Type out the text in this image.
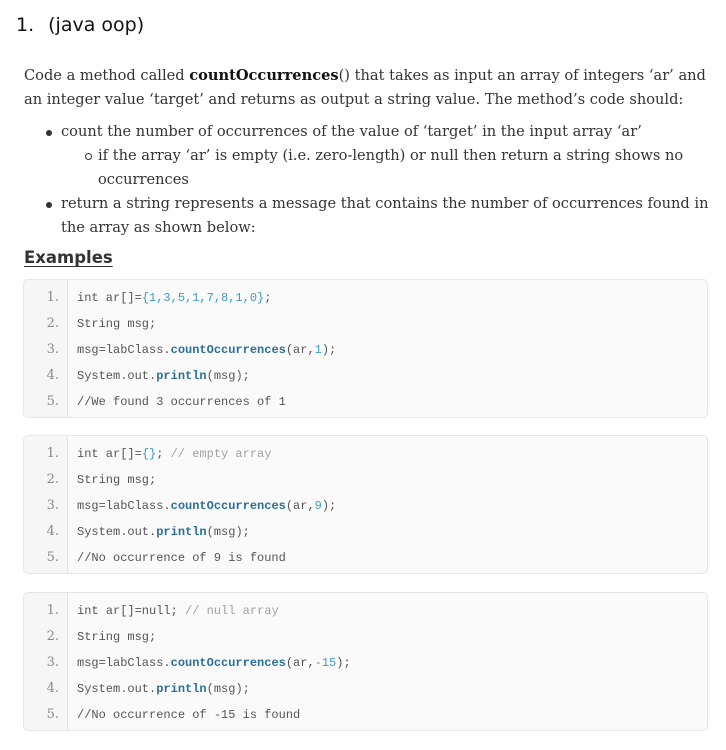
1. (java oop)
Code a method called countOccurrences() that takes as input an array of integers ‘ar’ and an integer value ‘target’ and returns as output a string value. The method’s code should:
count the number of occurrences of the value of ‘target’ in the input array ‘ar’
if the array ‘ar’ is empty (i.e. zero-length) or null then return a string shows no occurrences
return a string represents a message that contains the number of occurrences found in the array as shown below:
Examples
1. int ar[]={1,3,5,1,7,8,1,0};
2. String msg;
3. msg=labClass.countOccurrences(ar,1);
4. System.out.println(msg);
5. //We found 3 occurrences of 1
1. int ar[]={}; // empty array
2. String msg;
3. msg=labClass.countOccurrences(ar,9);
4. System.out.println(msg);
5. //No occurrence of 9 is found
1. int ar[]=null; // null array
2. String msg;
3. msg=labClass.countOccurrences(ar,-15);
4. System.out.println(msg);
5. //No occurrence of -15 is found
